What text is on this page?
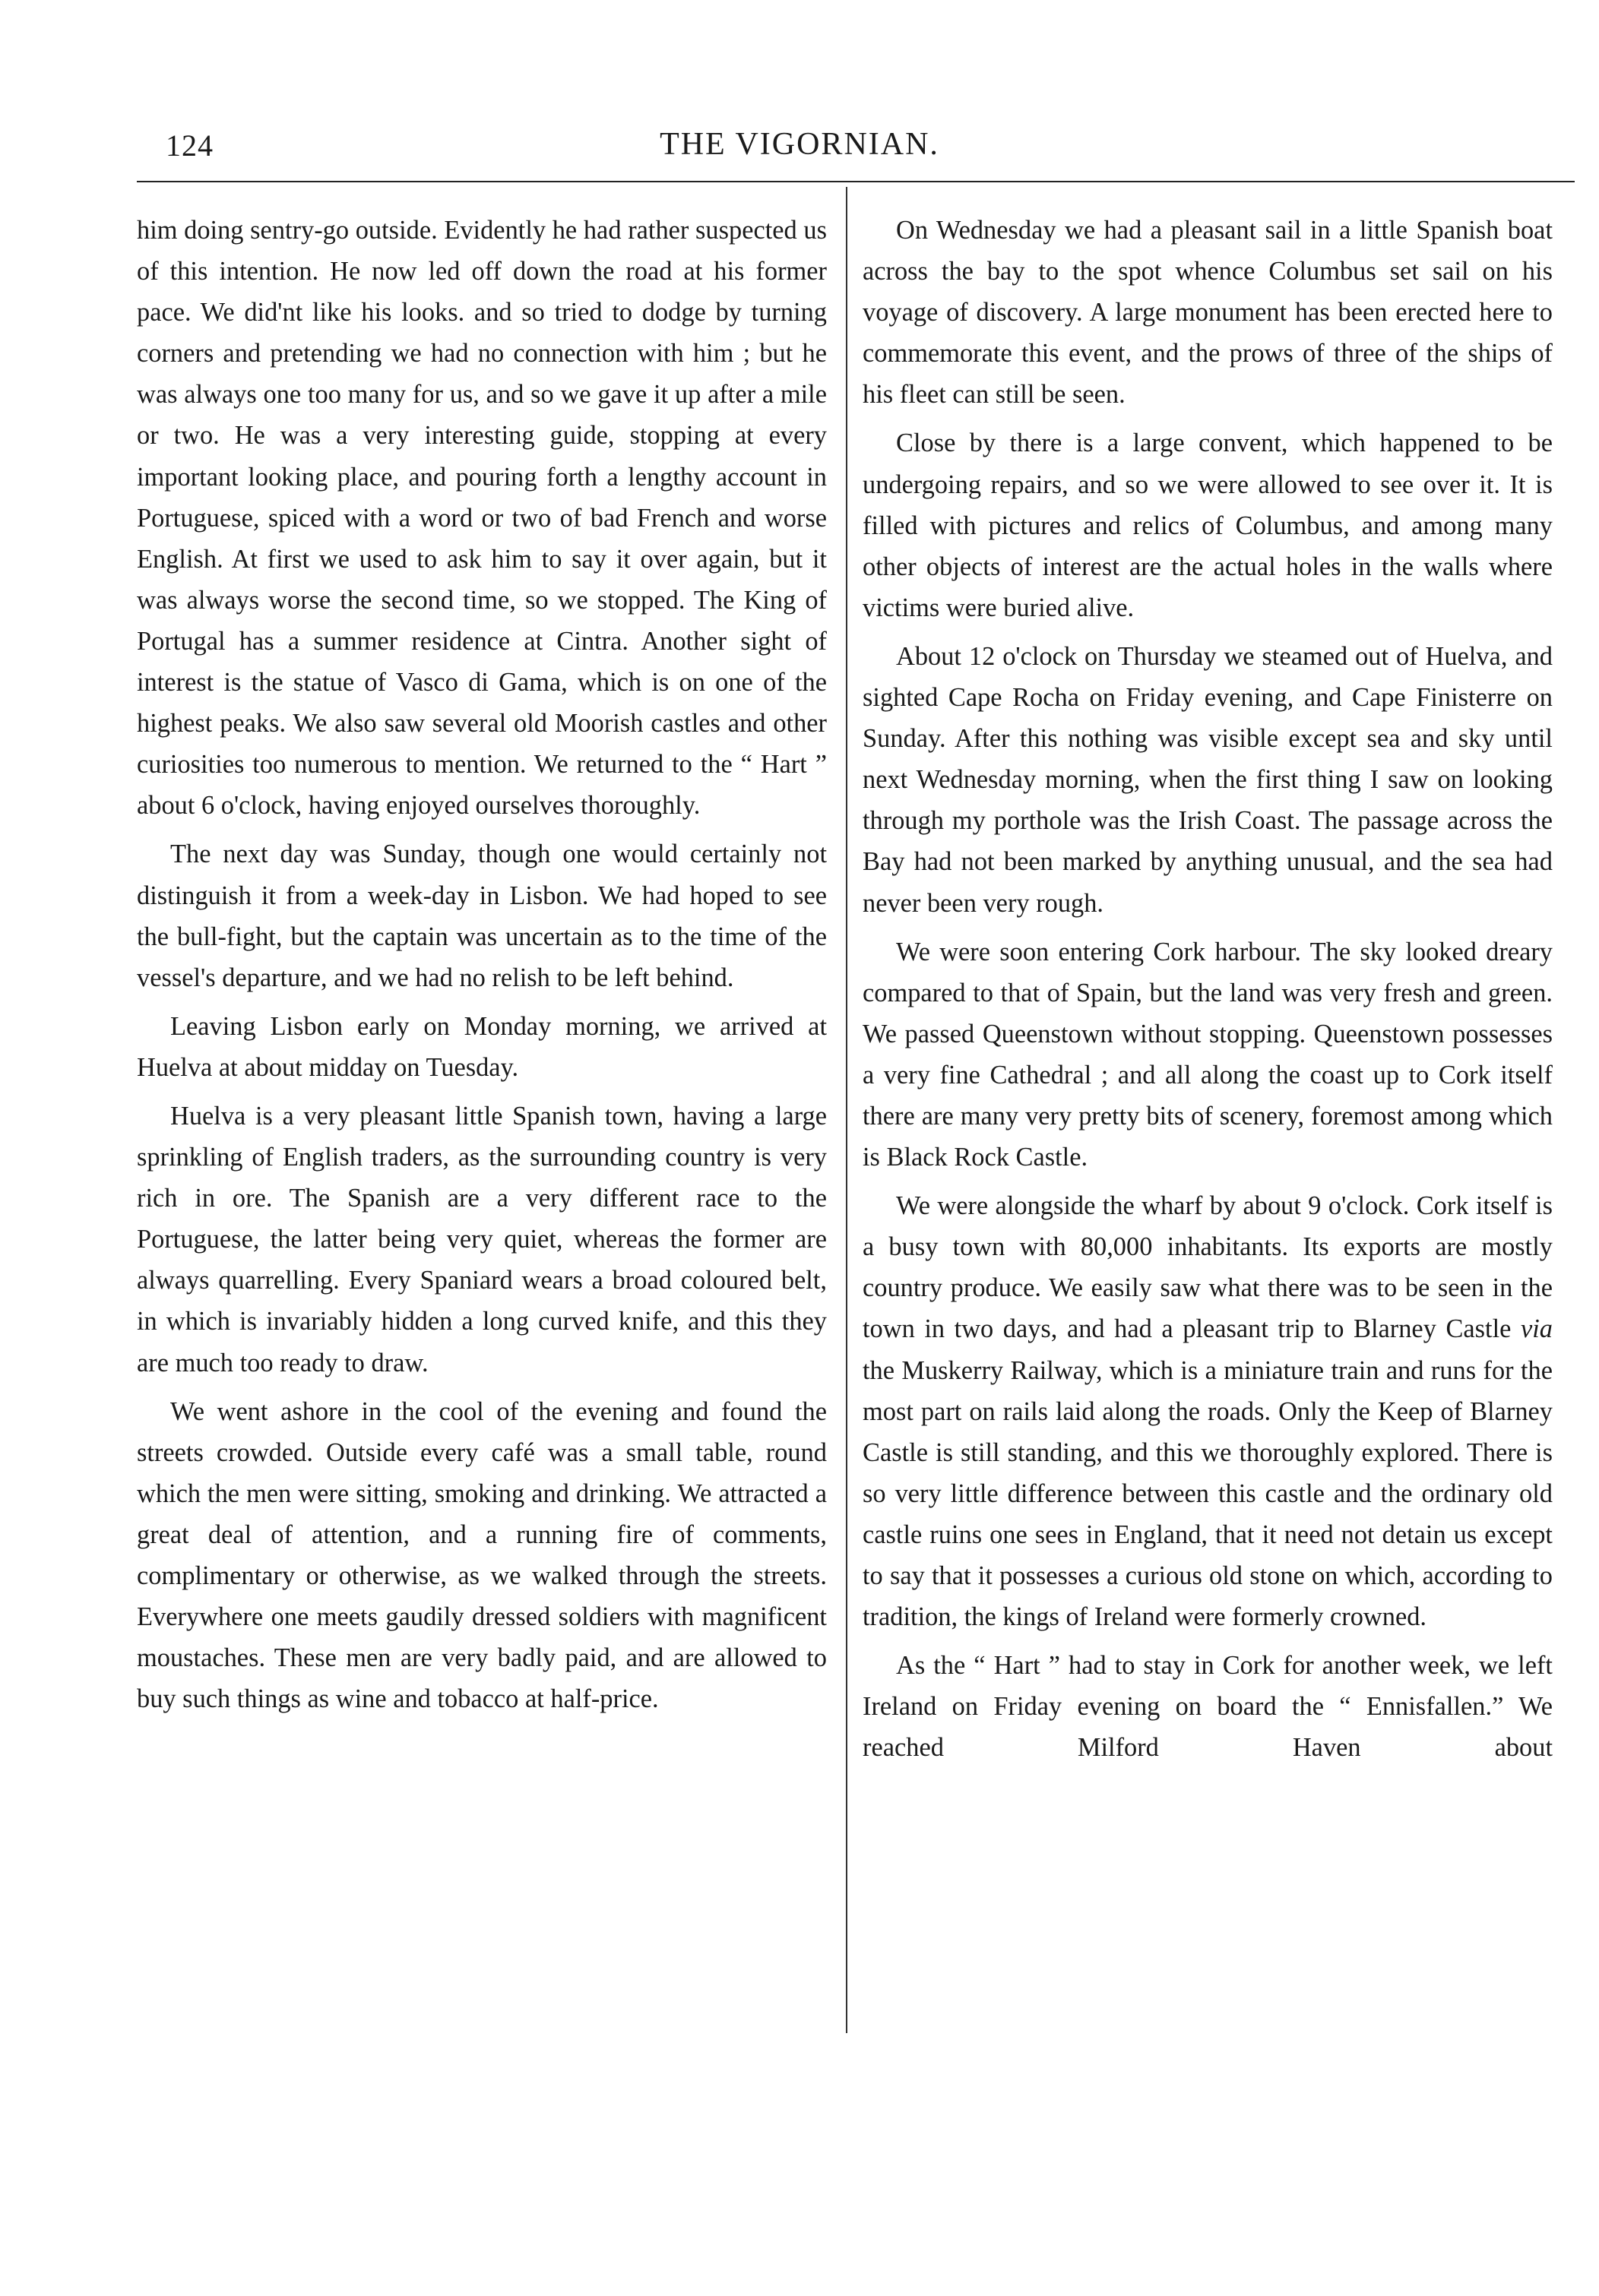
124	THE VIGORNIAN.

him doing sentry-go outside. Evidently he had rather suspected us of this intention. He now led off down the road at his former pace. We did'nt like his looks. and so tried to dodge by turning corners and pretending we had no connection with him ; but he was always one too many for us, and so we gave it up after a mile or two. He was a very interesting guide, stopping at every important looking place, and pouring forth a lengthy account in Portuguese, spiced with a word or two of bad French and worse English. At first we used to ask him to say it over again, but it was always worse the second time, so we stopped. The King of Portugal has a summer residence at Cintra. Another sight of interest is the statue of Vasco di Gama, which is on one of the highest peaks. We also saw several old Moorish castles and other curiosities too numerous to mention. We returned to the “ Hart ” about 6 o'clock, having enjoyed ourselves thoroughly.

The next day was Sunday, though one would certainly not distinguish it from a week-day in Lisbon. We had hoped to see the bull-fight, but the captain was uncertain as to the time of the vessel's departure, and we had no relish to be left behind.

Leaving Lisbon early on Monday morning, we arrived at Huelva at about midday on Tuesday.

Huelva is a very pleasant little Spanish town, having a large sprinkling of English traders, as the surrounding country is very rich in ore. The Spanish are a very different race to the Portuguese, the latter being very quiet, whereas the former are always quarrelling. Every Spaniard wears a broad coloured belt, in which is invariably hidden a long curved knife, and this they are much too ready to draw.

We went ashore in the cool of the evening and found the streets crowded. Outside every café was a small table, round which the men were sitting, smoking and drinking. We attracted a great deal of attention, and a running fire of comments, complimentary or otherwise, as we walked through the streets. Everywhere one meets gaudily dressed soldiers with magnificent moustaches. These men are very badly paid, and are allowed to buy such things as wine and tobacco at half-price.

On Wednesday we had a pleasant sail in a little Spanish boat across the bay to the spot whence Columbus set sail on his voyage of discovery. A large monument has been erected here to commemorate this event, and the prows of three of the ships of his fleet can still be seen.

Close by there is a large convent, which happened to be undergoing repairs, and so we were allowed to see over it. It is filled with pictures and relics of Columbus, and among many other objects of interest are the actual holes in the walls where victims were buried alive.

About 12 o'clock on Thursday we steamed out of Huelva, and sighted Cape Rocha on Friday evening, and Cape Finisterre on Sunday. After this nothing was visible except sea and sky until next Wednesday morning, when the first thing I saw on looking through my porthole was the Irish Coast. The passage across the Bay had not been marked by anything unusual, and the sea had never been very rough.

We were soon entering Cork harbour. The sky looked dreary compared to that of Spain, but the land was very fresh and green. We passed Queenstown without stopping. Queenstown possesses a very fine Cathedral ; and all along the coast up to Cork itself there are many very pretty bits of scenery, foremost among which is Black Rock Castle.

We were alongside the wharf by about 9 o'clock. Cork itself is a busy town with 80,000 inhabitants. Its exports are mostly country produce. We easily saw what there was to be seen in the town in two days, and had a pleasant trip to Blarney Castle via the Muskerry Railway, which is a miniature train and runs for the most part on rails laid along the roads. Only the Keep of Blarney Castle is still standing, and this we thoroughly explored. There is so very little difference between this castle and the ordinary old castle ruins one sees in England, that it need not detain us except to say that it possesses a curious old stone on which, according to tradition, the kings of Ireland were formerly crowned.

As the “ Hart ” had to stay in Cork for another week, we left Ireland on Friday evening on board the “ Ennisfallen.” We reached Milford Haven about
